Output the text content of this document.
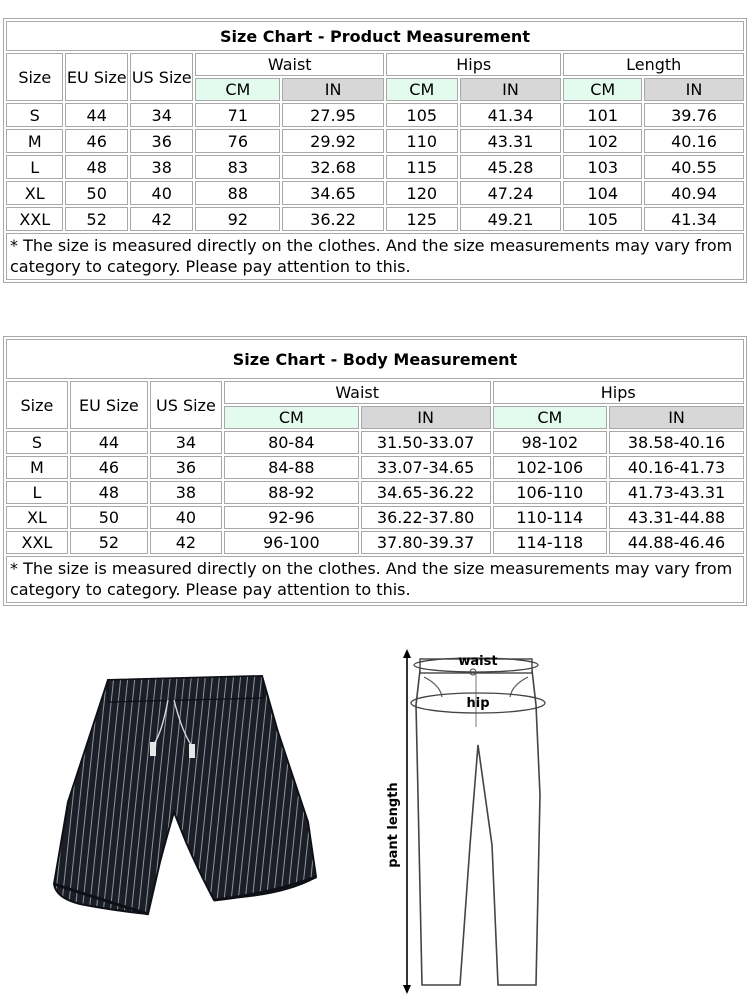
Size Chart - Product Measurement								
Size	EU Size	US Size	Waist		Hips		Length	
			CM	IN	CM	IN	CM	IN
S	44	34	71	27.95	105	41.34	101	39.76
M	46	36	76	29.92	110	43.31	102	40.16
L	48	38	83	32.68	115	45.28	103	40.55
XL	50	40	88	34.65	120	47.24	104	40.94
XXL	52	42	92	36.22	125	49.21	105	41.34
* The size is measured directly on the clothes. And the size measurements may vary from category to category. Please pay attention to this.								
Size Chart - Body Measurement						
Size	EU Size	US Size	Waist		Hips	
			CM	IN	CM	IN
S	44	34	80-84	31.50-33.07	98-102	38.58-40.16
M	46	36	84-88	33.07-34.65	102-106	40.16-41.73
L	48	38	88-92	34.65-36.22	106-110	41.73-43.31
XL	50	40	92-96	36.22-37.80	110-114	43.31-44.88
XXL	52	42	96-100	37.80-39.37	114-118	44.88-46.46
* The size is measured directly on the clothes. And the size measurements may vary from category to category. Please pay attention to this.						
waist
hip
pant length
